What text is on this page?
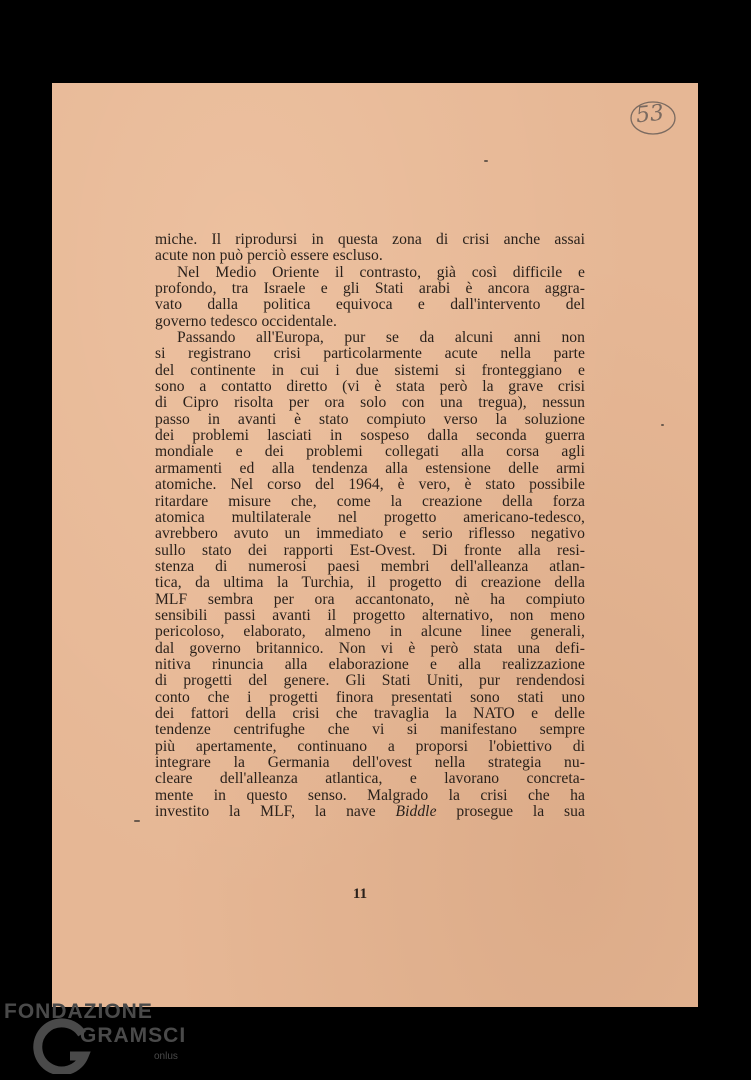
53
miche. Il riprodursi in questa zona di crisi anche assai
acute non può perciò essere escluso.
Nel Medio Oriente il contrasto, già così difficile e
profondo, tra Israele e gli Stati arabi è ancora aggra-
vato dalla politica equivoca e dall'intervento del
governo tedesco occidentale.
Passando all'Europa, pur se da alcuni anni non
si registrano crisi particolarmente acute nella parte
del continente in cui i due sistemi si fronteggiano e
sono a contatto diretto (vi è stata però la grave crisi
di Cipro risolta per ora solo con una tregua), nessun
passo in avanti è stato compiuto verso la soluzione
dei problemi lasciati in sospeso dalla seconda guerra
mondiale e dei problemi collegati alla corsa agli
armamenti ed alla tendenza alla estensione delle armi
atomiche. Nel corso del 1964, è vero, è stato possibile
ritardare misure che, come la creazione della forza
atomica multilaterale nel progetto americano-tedesco,
avrebbero avuto un immediato e serio riflesso negativo
sullo stato dei rapporti Est-Ovest. Di fronte alla resi-
stenza di numerosi paesi membri dell'alleanza atlan-
tica, da ultima la Turchia, il progetto di creazione della
MLF sembra per ora accantonato, nè ha compiuto
sensibili passi avanti il progetto alternativo, non meno
pericoloso, elaborato, almeno in alcune linee generali,
dal governo britannico. Non vi è però stata una defi-
nitiva rinuncia alla elaborazione e alla realizzazione
di progetti del genere. Gli Stati Uniti, pur rendendosi
conto che i progetti finora presentati sono stati uno
dei fattori della crisi che travaglia la NATO e delle
tendenze centrifughe che vi si manifestano sempre
più apertamente, continuano a proporsi l'obiettivo di
integrare la Germania dell'ovest nella strategia nu-
cleare dell'alleanza atlantica, e lavorano concreta-
mente in questo senso. Malgrado la crisi che ha
investito la MLF, la nave Biddle prosegue la sua
11
FONDAZIONE
GRAMSCI
onlus
